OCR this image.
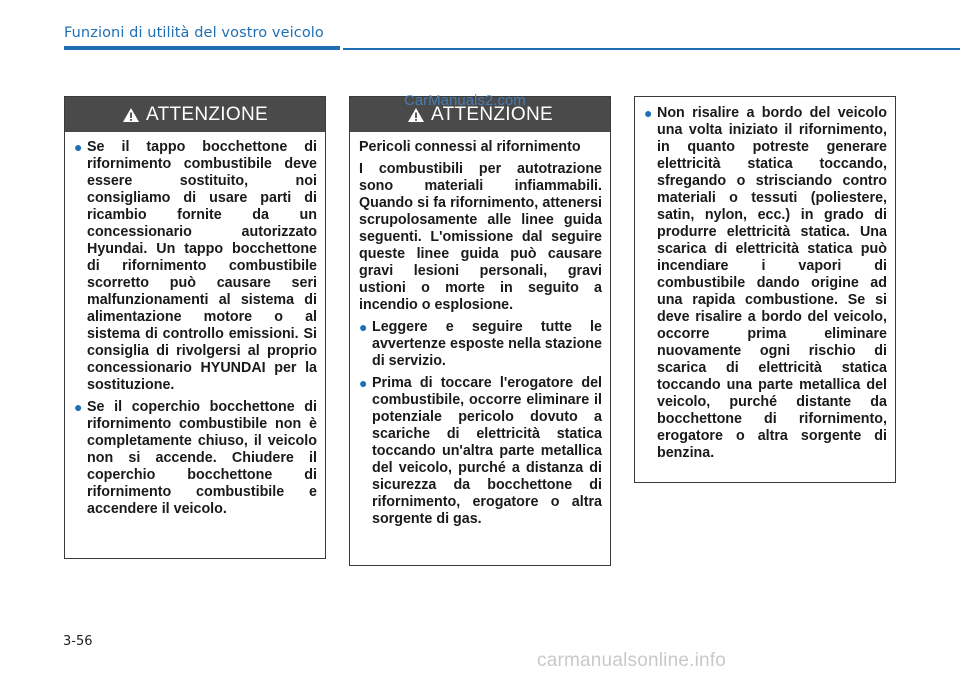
Funzioni di utilità del vostro veicolo
ATTENZIONE
● Se il tappo bocchettone di rifornimento combustibile deve essere sostituito, noi consigliamo di usare parti di ricambio fornite da un concessionario autorizzato Hyundai. Un tappo bocchettone di rifornimento combustibile scorretto può causare seri malfunzionamenti al sistema di alimentazione motore o al sistema di controllo emissioni. Si consiglia di rivolgersi al proprio concessionario HYUNDAI per la sostituzione.
● Se il coperchio bocchettone di rifornimento combustibile non è completamente chiuso, il veicolo non si accende. Chiudere il coperchio bocchettone di rifornimento combustibile e accendere il veicolo.
ATTENZIONE

Pericoli connessi al rifornimento

I combustibili per autotrazione sono materiali infiammabili. Quando si fa rifornimento, attenersi scrupolosamente alle linee guida seguenti. L'omissione dal seguire queste linee guida può causare gravi lesioni personali, gravi ustioni o morte in seguito a incendio o esplosione.

● Leggere e seguire tutte le avvertenze esposte nella stazione di servizio.
● Prima di toccare l'erogatore del combustibile, occorre eliminare il potenziale pericolo dovuto a scariche di elettricità statica toccando un'altra parte metallica del veicolo, purché a distanza di sicurezza da bocchettone di rifornimento, erogatore o altra sorgente di gas.
● Non risalire a bordo del veicolo una volta iniziato il rifornimento, in quanto potreste generare elettricità statica toccando, sfregando o strisciando contro materiali o tessuti (poliestere, satin, nylon, ecc.) in grado di produrre elettricità statica. Una scarica di elettricità statica può incendiare i vapori di combustibile dando origine ad una rapida combustione. Se si deve risalire a bordo del veicolo, occorre prima eliminare nuovamente ogni rischio di scarica di elettricità statica toccando una parte metallica del veicolo, purché distante da bocchettone di rifornimento, erogatore o altra sorgente di benzina.
CarManuals2.com
3-56
carmanualsonline.info
